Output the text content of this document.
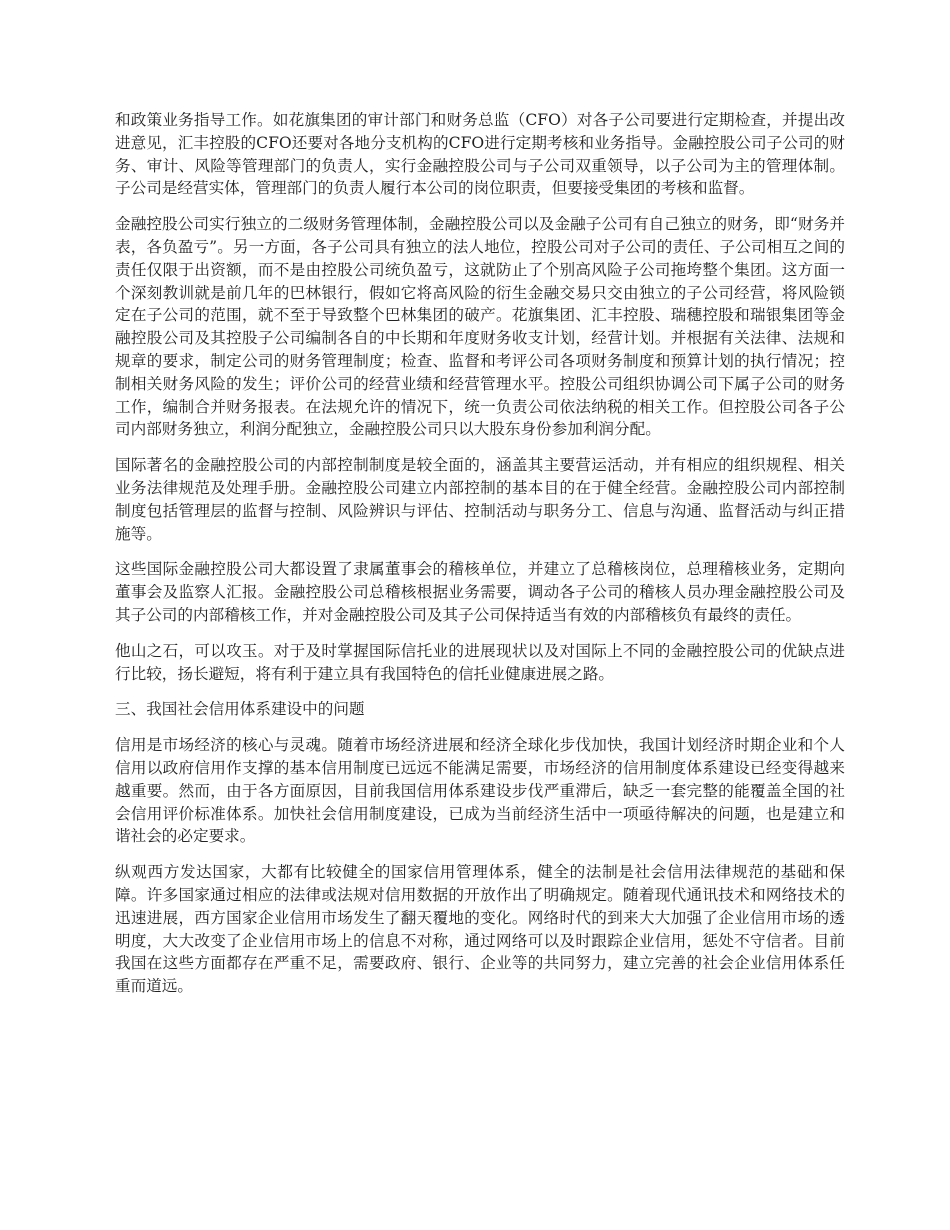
和政策业务指导工作。如花旗集团的审计部门和财务总监（CFO）对各子公司要进行定期检查，并提出改进意见，汇丰控股的CFO还要对各地分支机构的CFO进行定期考核和业务指导。金融控股公司子公司的财务、审计、风险等管理部门的负责人，实行金融控股公司与子公司双重领导，以子公司为主的管理体制。子公司是经营实体，管理部门的负责人履行本公司的岗位职责，但要接受集团的考核和监督。

金融控股公司实行独立的二级财务管理体制，金融控股公司以及金融子公司有自己独立的财务，即“财务并表，各负盈亏”。另一方面，各子公司具有独立的法人地位，控股公司对子公司的责任、子公司相互之间的责任仅限于出资额，而不是由控股公司统负盈亏，这就防止了个别高风险子公司拖垮整个集团。这方面一个深刻教训就是前几年的巴林银行，假如它将高风险的衍生金融交易只交由独立的子公司经营，将风险锁定在子公司的范围，就不至于导致整个巴林集团的破产。花旗集团、汇丰控股、瑞穗控股和瑞银集团等金融控股公司及其控股子公司编制各自的中长期和年度财务收支计划，经营计划。并根据有关法律、法规和规章的要求，制定公司的财务管理制度；检查、监督和考评公司各项财务制度和预算计划的执行情况；控制相关财务风险的发生；评价公司的经营业绩和经营管理水平。控股公司组织协调公司下属子公司的财务工作，编制合并财务报表。在法规允许的情况下，统一负责公司依法纳税的相关工作。但控股公司各子公司内部财务独立，利润分配独立，金融控股公司只以大股东身份参加利润分配。

国际著名的金融控股公司的内部控制制度是较全面的，涵盖其主要营运活动，并有相应的组织规程、相关业务法律规范及处理手册。金融控股公司建立内部控制的基本目的在于健全经营。金融控股公司内部控制制度包括管理层的监督与控制、风险辨识与评估、控制活动与职务分工、信息与沟通、监督活动与纠正措施等。

这些国际金融控股公司大都设置了隶属董事会的稽核单位，并建立了总稽核岗位，总理稽核业务，定期向董事会及监察人汇报。金融控股公司总稽核根据业务需要，调动各子公司的稽核人员办理金融控股公司及其子公司的内部稽核工作，并对金融控股公司及其子公司保持适当有效的内部稽核负有最终的责任。

他山之石，可以攻玉。对于及时掌握国际信托业的进展现状以及对国际上不同的金融控股公司的优缺点进行比较，扬长避短，将有利于建立具有我国特色的信托业健康进展之路。

三、我国社会信用体系建设中的问题

信用是市场经济的核心与灵魂。随着市场经济进展和经济全球化步伐加快，我国计划经济时期企业和个人信用以政府信用作支撑的基本信用制度已远远不能满足需要，市场经济的信用制度体系建设已经变得越来越重要。然而，由于各方面原因，目前我国信用体系建设步伐严重滞后，缺乏一套完整的能覆盖全国的社会信用评价标准体系。加快社会信用制度建设，已成为当前经济生活中一项亟待解决的问题，也是建立和谐社会的必定要求。

纵观西方发达国家，大都有比较健全的国家信用管理体系，健全的法制是社会信用法律规范的基础和保障。许多国家通过相应的法律或法规对信用数据的开放作出了明确规定。随着现代通讯技术和网络技术的迅速进展，西方国家企业信用市场发生了翻天覆地的变化。网络时代的到来大大加强了企业信用市场的透明度，大大改变了企业信用市场上的信息不对称，通过网络可以及时跟踪企业信用，惩处不守信者。目前我国在这些方面都存在严重不足，需要政府、银行、企业等的共同努力，建立完善的社会企业信用体系任重而道远。
